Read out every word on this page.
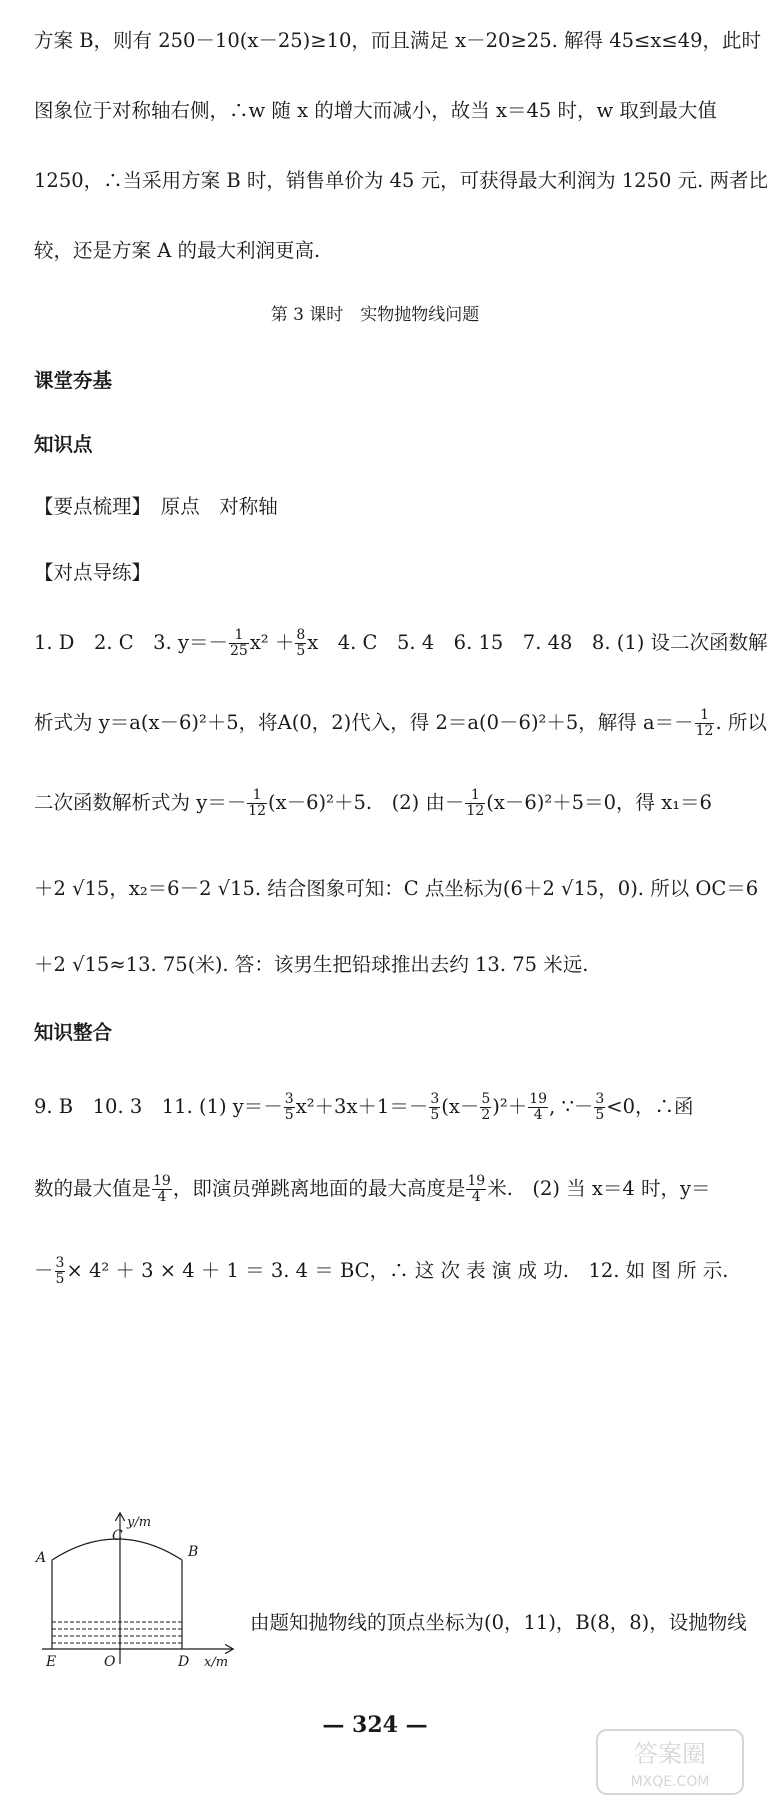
方案 B，则有 250－10(x－25)≥10，而且满足 x－20≥25. 解得 45≤x≤49，此时
图象位于对称轴右侧，∴w 随 x 的增大而减小，故当 x＝45 时，w 取到最大值
1250，∴当采用方案 B 时，销售单价为 45 元，可获得最大利润为 1250 元. 两者比
较，还是方案 A 的最大利润更高.
第 3 课时　实物抛物线问题
课堂夯基
知识点
【要点梳理】　原点　对称轴
【对点导练】
1. D　2. C　3. $y=- \frac{1}{25} x^2 + \frac{8}{5}$ x　4. C　5. 4　6. 15　7. 48　8. (1) 设二次函数解
析式为 y＝a(x－6)²＋5，将A(0，2)代入，得 2＝a(0－6)²＋5，解得 $a=- \frac{1}{12}$ . 所以
二次函数解析式为 $y=- \frac{1}{12} (x-6)^2+5$.　(2) 由－ $\frac{1}{12} (x-6)^2+5=0$，得 x₁＝6
＋2 √15，x₂＝6－2 √15. 结合图象可知：C 点坐标为(6＋2 √15，0). 所以 OC＝6
＋2 √15≈13. 75(米). 答：该男生把铅球推出去约 13. 75 米远.
知识整合
9. B　10. 3　11. (1) $y=- \frac{3}{5} x^2+3x+1=- \frac{3}{5} (x- \frac{5}{2} )^2+ \frac{19}{4}$ , ∵－ $\frac{3}{5} <0$，∴函
数的最大值是 $\frac{19}{4}$ ，即演员弹跳离地面的最大高度是 $\frac{19}{4}$ 米.　(2) 当 x＝4 时，y＝
－ $\frac{3}{5} \times 4^2 + 3 \times 4 + 1 = 3$. 4 ＝ BC，∴ 这 次 表 演 成 功.　12. 如 图 所 示.
y/m
x/m
A	B
C
E	O	D
由题知抛物线的顶点坐标为(0，11)，B(8，8)，设抛物线
— 324 —
答案圈
MXQE.COM
